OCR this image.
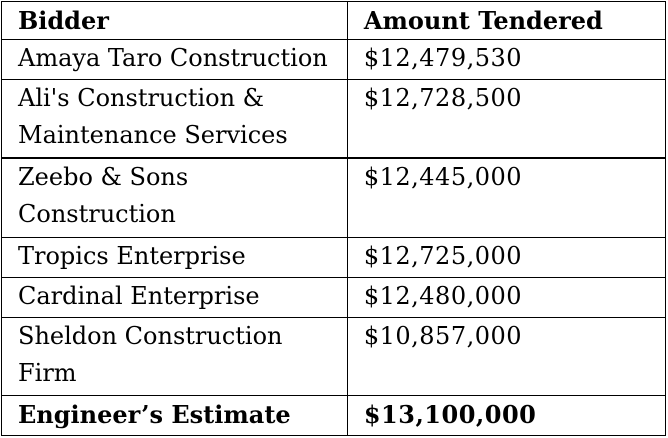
Bidder	Amount Tendered
Amaya Taro Construction	$12,479,530
Ali's Construction & Maintenance Services	$12,728,500
Zeebo & Sons Construction	$12,445,000
Tropics Enterprise	$12,725,000
Cardinal Enterprise	$12,480,000
Sheldon Construction Firm	$10,857,000
Engineer’s Estimate	$13,100,000
